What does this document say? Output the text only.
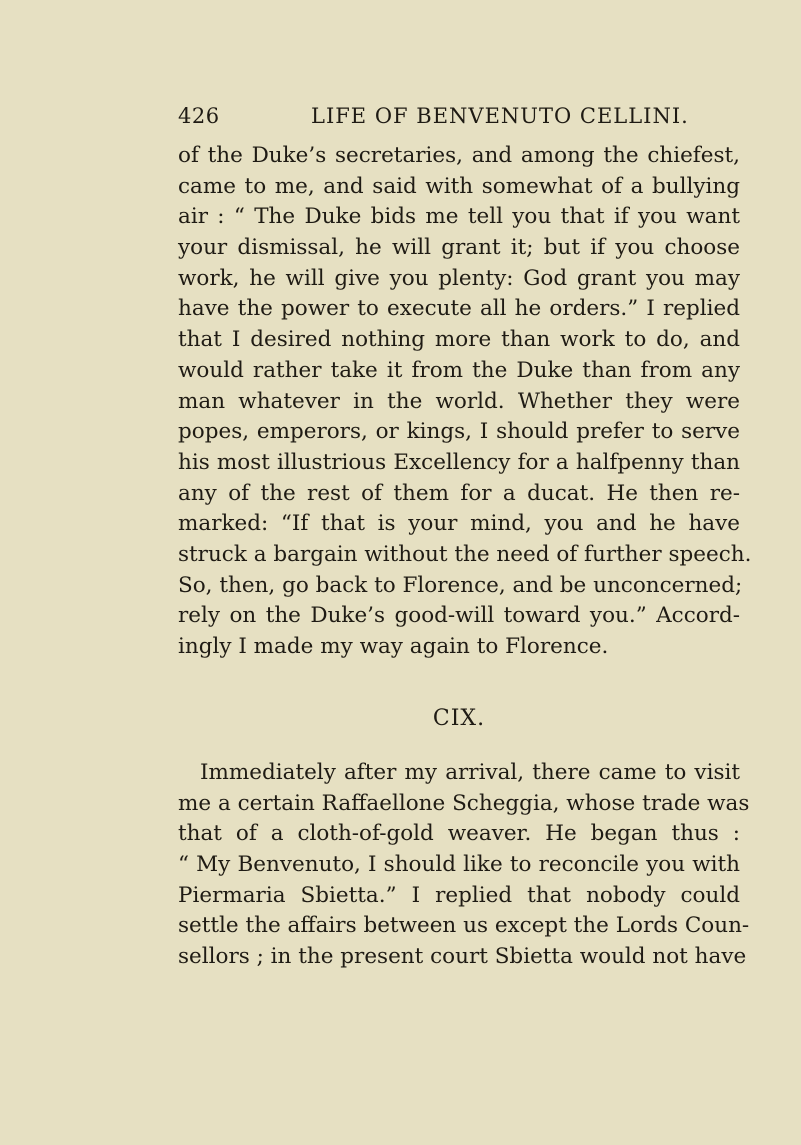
426	LIFE OF BENVENUTO CELLINI.
of the Duke’s secretaries, and among the chiefest,
came to me, and said with somewhat of a bullying
air : “ The Duke bids me tell you that if you want
your dismissal, he will grant it; but if you choose
work, he will give you plenty: God grant you may
have the power to execute all he orders.” I replied
that I desired nothing more than work to do, and
would rather take it from the Duke than from any
man whatever in the world. Whether they were
popes, emperors, or kings, I should prefer to serve
his most illustrious Excellency for a halfpenny than
any of the rest of them for a ducat. He then re-
marked: “If that is your mind, you and he have
struck a bargain without the need of further speech.
So, then, go back to Florence, and be unconcerned;
rely on the Duke’s good-will toward you.” Accord-
ingly I made my way again to Florence.
CIX.
Immediately after my arrival, there came to visit
me a certain Raffaellone Scheggia, whose trade was
that of a cloth-of-gold weaver. He began thus :
“ My Benvenuto, I should like to reconcile you with
Piermaria Sbietta.” I replied that nobody could
settle the affairs between us except the Lords Coun-
sellors ; in the present court Sbietta would not have
